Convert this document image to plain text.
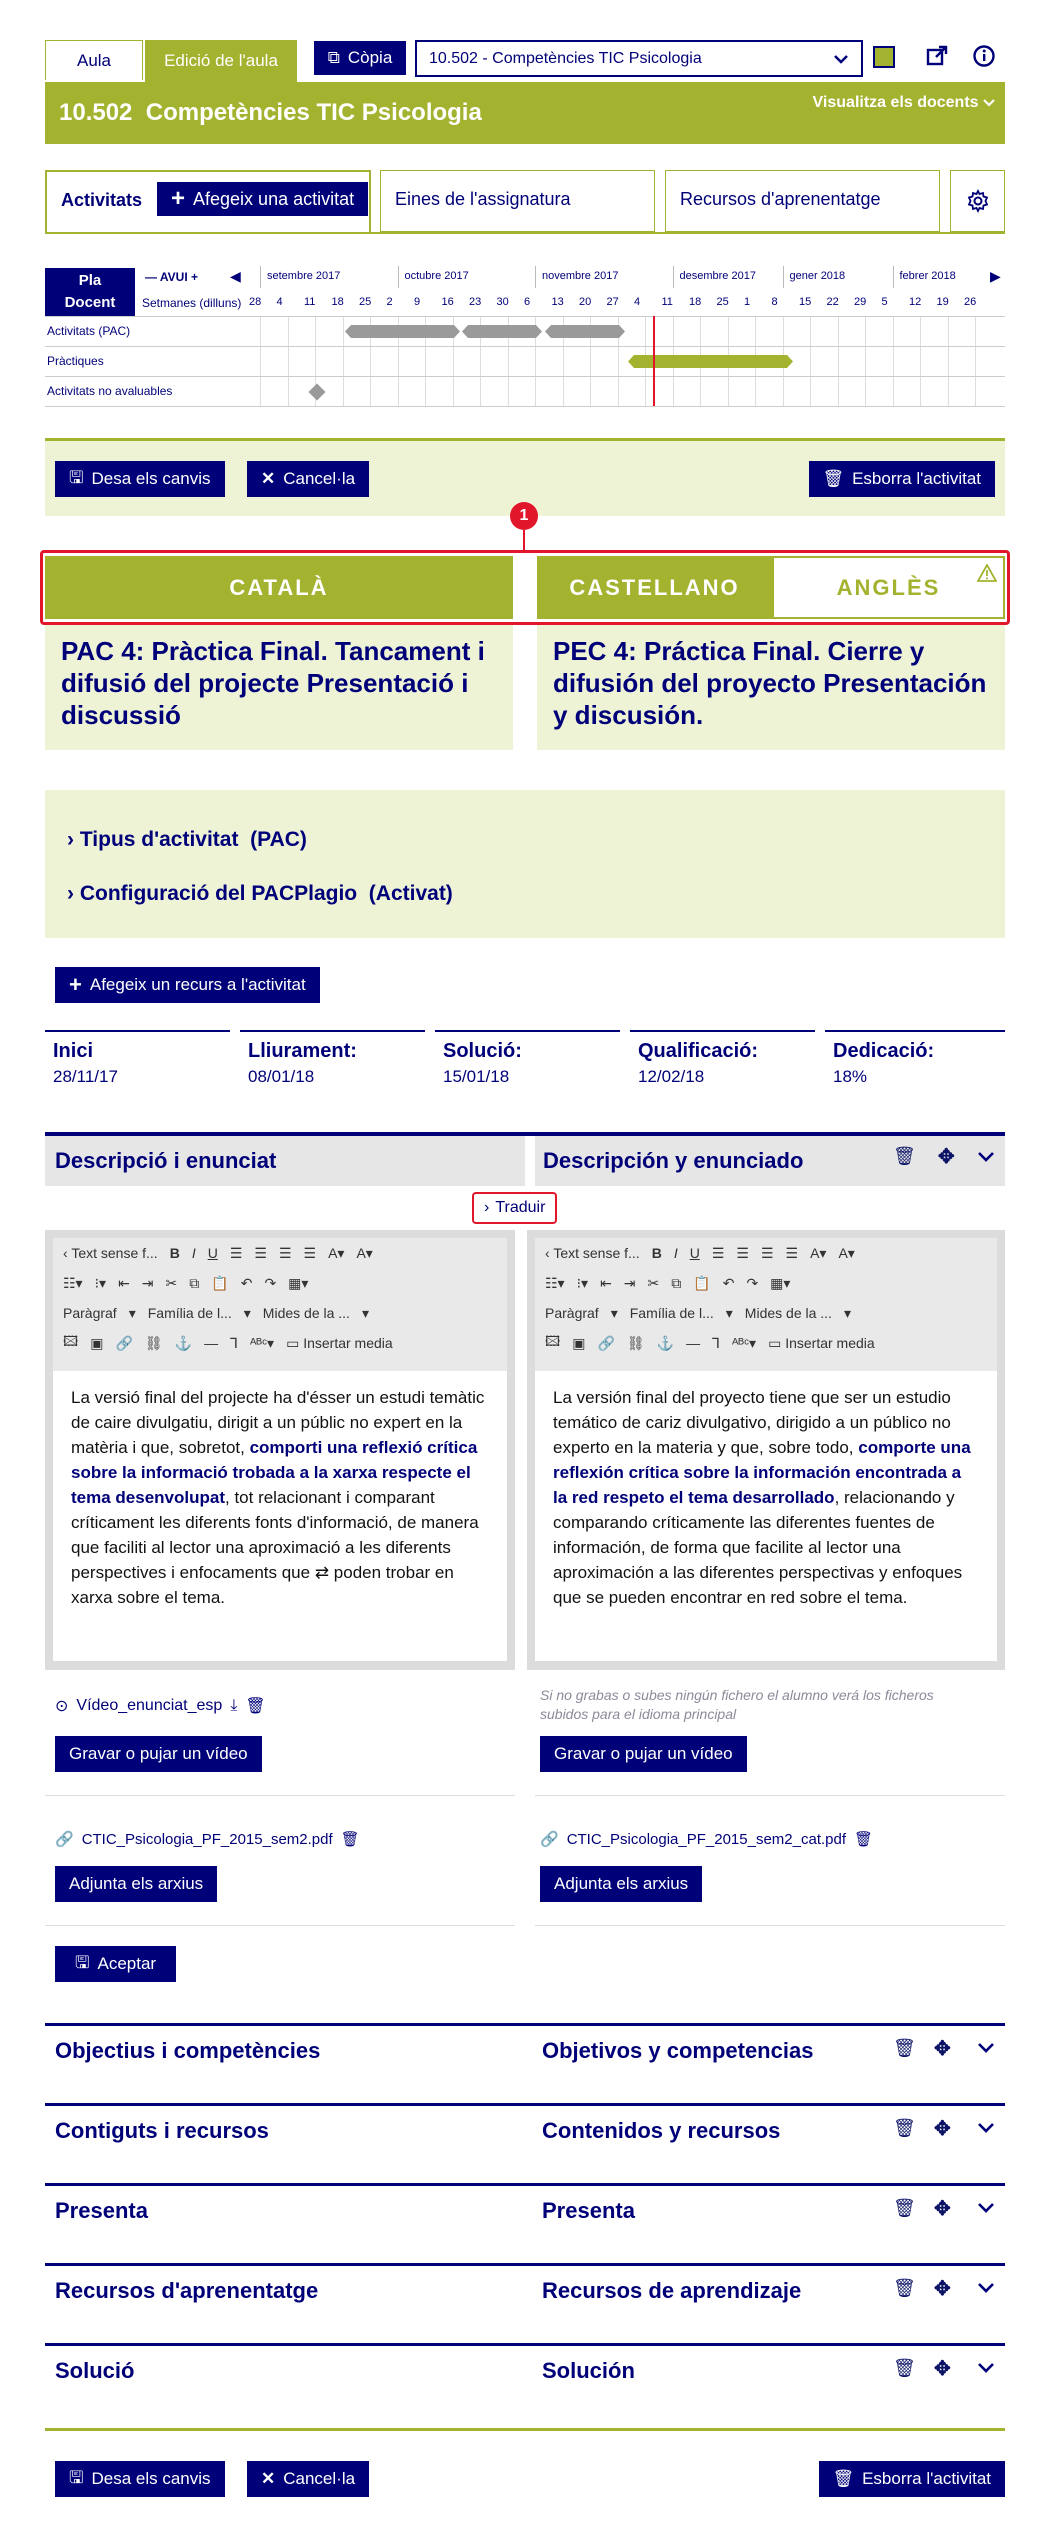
Aula	Edició de l'aula	⧉ Còpia 10.502 - Competències TIC Psicologia
10.502  Competències TIC Psicologia	Visualitza els docents
Activitats + Afegeix una activitat	Eines de l'assignatura	Recursos d'aprenentatge
Pla
Docent
— AVUI + ◀	▶
Setmanes (dilluns)
setembre 2017	octubre 2017	novembre 2017	desembre 2017	gener 2018	febrer 2018
28 4 11 18 25 2 9 16 23 30 6 13 20 27 4 11 18 25 1 8 15 22 29 5 12 19 26
Activitats (PAC)
Pràctiques
Activitats no avaluables
🖫 Desa els canvis	✕ Cancel·la	🗑 Esborra l'activitat
1
CATALÀ	CASTELLANO	ANGLÈS
PAC 4: Pràctica Final. Tancament i difusió del projecte Presentació i discussió
PEC 4: Práctica Final. Cierre y difusión del proyecto Presentación y discusión.
› Tipus d'activitat  (PAC)
› Configuració del PACPlagio  (Activat)
+ Afegeix un recurs a l'activitat
Inici
28/11/17
Lliurament:
08/01/18
Solució:
15/01/18
Qualificació:
12/02/18
Dedicació:
18%
Descripció i enunciat	Descripción y enunciado	🗑 ✥
› Traduir
‹ Text sense f... B I U ☰ ☰ ☰ ☰ A▾ A▾
☷▾ ⁝▾ ⇤ ⇥ ✂ ⧉ 📋 ↶ ↷ ▦▾
Paràgraf ▾ Família de l... ▾ Mides de la ... ▾
🖾 ▣ 🔗 ⛓ ⚓ — Ꞁ ᴬᴮᶜ▾ ▭ Insertar media
La versió final del projecte ha d'ésser un estudi temàtic de caire divulgatiu, dirigit a un públic no expert en la matèria i que, sobretot, comporti una reflexió crítica sobre la informació trobada a la xarxa respecte el tema desenvolupat, tot relacionant i comparant críticament les diferents fonts d'informació, de manera que faciliti al lector una aproximació a les diferents perspectives i enfocaments que ⇄ poden trobar en xarxa sobre el tema.
‹ Text sense f... B I U ☰ ☰ ☰ ☰ A▾ A▾
☷▾ ⁝▾ ⇤ ⇥ ✂ ⧉ 📋 ↶ ↷ ▦▾
Paràgraf ▾ Família de l... ▾ Mides de la ... ▾
🖾 ▣ 🔗 ⛓ ⚓ — Ꞁ ᴬᴮᶜ▾ ▭ Insertar media
La versión final del proyecto tiene que ser un estudio temático de cariz divulgativo, dirigido a un público no experto en la materia y que, sobre todo, comporte una reflexión crítica sobre la información encontrada a la red respeto el tema desarrollado, relacionando y comparando críticamente las diferentes fuentes de información, de forma que facilite al lector una aproximación a las diferentes perspectivas y enfoques que se pueden encontrar en red sobre el tema.
⊙ Vídeo_enunciat_esp ⤓ 🗑
Si no grabas o subes ningún fichero el alumno verá los ficheros subidos para el idioma principal
Gravar o pujar un vídeo	Gravar o pujar un vídeo
🔗 CTIC_Psicologia_PF_2015_sem2.pdf 🗑	🔗 CTIC_Psicologia_PF_2015_sem2_cat.pdf 🗑
Adjunta els arxius	Adjunta els arxius
🖫 Aceptar
Objectius i competències	Objetivos y competencias	🗑 ✥
Contiguts i recursos	Contenidos y recursos	🗑 ✥
Presenta	Presenta	🗑 ✥
Recursos d'aprenentatge	Recursos de aprendizaje	🗑 ✥
Solució	Solución	🗑 ✥
🖫 Desa els canvis	✕ Cancel·la	🗑 Esborra l'activitat
